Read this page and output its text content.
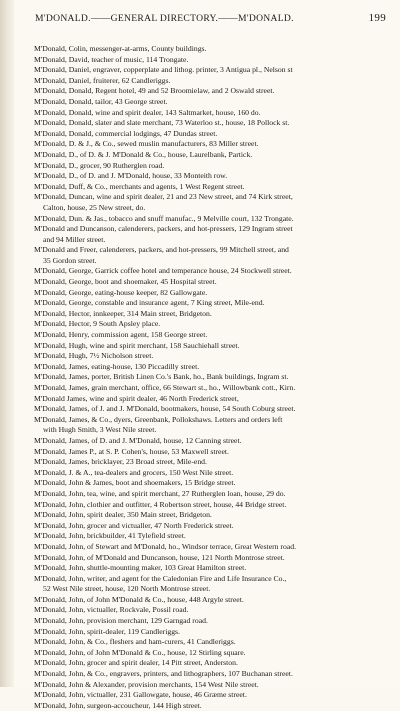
M'DONALD.——GENERAL DIRECTORY.——M'DONALD.	199
M'Donald, Colin, messenger-at-arms, County buildings.
M'Donald, David, teacher of music, 114 Trongate.
M'Donald, Daniel, engraver, copperplate and lithog. printer, 3 Antigua pl., Nelson st
M'Donald, Daniel, fruiterer, 62 Candleriggs.
M'Donald, Donald, Regent hotel, 49 and 52 Broomielaw, and 2 Oswald street.
M'Donald, Donald, tailor, 43 George street.
M'Donald, Donald, wine and spirit dealer, 143 Saltmarket, house, 160 do.
M'Donald, Donald, slater and slate merchant, 73 Waterloo st., house, 18 Pollock st.
M'Donald, Donald, commercial lodgings, 47 Dundas street.
M'Donald, D. & J., & Co., sewed muslin manufacturers, 83 Miller street.
M'Donald, D., of D. & J. M'Donald & Co., house, Laurelbank, Partick.
M'Donald, D., grocer, 90 Rutherglen road.
M'Donald, D., of D. and J. M'Donald, house, 33 Monteith row.
M'Donald, Duff, & Co., merchants and agents, 1 West Regent street.
M'Donald, Duncan, wine and spirit dealer, 21 and 23 New street, and 74 Kirk street,
Calton, house, 25 New street, do.
M'Donald, Dun. & Jas., tobacco and snuff manufac., 9 Melville court, 132 Trongate.
M'Donald and Duncanson, calenderers, packers, and hot-pressers, 129 Ingram street
and 94 Miller street.
M'Donald and Freer, calenderers, packers, and hot-pressers, 99 Mitchell street, and
35 Gordon street.
M'Donald, George, Garrick coffee hotel and temperance house, 24 Stockwell street.
M'Donald, George, boot and shoemaker, 45 Hospital street.
M'Donald, George, eating-house keeper, 82 Gallowgate.
M'Donald, George, constable and insurance agent, 7 King street, Mile-end.
M'Donald, Hector, innkeeper, 314 Main street, Bridgeton.
M'Donald, Hector, 9 South Apsley place.
M'Donald, Henry, commission agent, 158 George street.
M'Donald, Hugh, wine and spirit merchant, 158 Sauchiehall street.
M'Donald, Hugh, 7½ Nicholson street.
M'Donald, James, eating-house, 130 Piccadilly street.
M'Donald, James, porter, British Linen Co.'s Bank, ho., Bank buildings, Ingram st.
M'Donald, James, grain merchant, office, 66 Stewart st., ho., Willowbank cott., Kirn.
M'Donald James, wine and spirit dealer, 46 North Frederick street,
M'Donald, James, of J. and J. M'Donald, bootmakers, house, 54 South Coburg street.
M'Donald, James, & Co., dyers, Greenbank, Pollokshaws. Letters and orders left
with Hugh Smith, 3 West Nile street.
M'Donald, James, of D. and J. M'Donald, house, 12 Canning street.
M'Donald, James P., at S. P. Cohen's, house, 53 Maxwell street.
M'Donald, James, bricklayer, 23 Broad street, Mile-end.
M'Donald, J. & A., tea-dealers and grocers, 150 West Nile street.
M'Donald, John & James, boot and shoemakers, 15 Bridge street.
M'Donald, John, tea, wine, and spirit merchant, 27 Rutherglen loan, house, 29 do.
M'Donald, John, clothier and outfitter, 4 Robertson street, house, 44 Bridge street.
M'Donald, John, spirit dealer, 350 Main street, Bridgeton.
M'Donald, John, grocer and victualler, 47 North Frederick street.
M'Donald, John, brickbuilder, 41 Tylefield street.
M'Donald, John, of Stewart and M'Donald, ho., Windsor terrace, Great Western road.
M'Donald, John, of M'Donald and Duncanson, house, 121 North Montrose street.
M'Donald, John, shuttle-mounting maker, 103 Great Hamilton street.
M'Donald, John, writer, and agent for the Caledonian Fire and Life Insurance Co.,
52 West Nile street, house, 120 North Montrose street.
M'Donald, John, of John M'Donald & Co., house, 448 Argyle street.
M'Donald, John, victualler, Rockvale, Possil road.
M'Donald, John, provision merchant, 129 Garngad road.
M'Donald, John, spirit-dealer, 119 Candleriggs.
M'Donald, John, & Co., fleshers and ham-curers, 41 Candleriggs.
M'Donald, John, of John M'Donald & Co., house, 12 Stirling square.
M'Donald, John, grocer and spirit dealer, 14 Pitt street, Anderston.
M'Donald, John, & Co., engravers, printers, and lithographers, 107 Buchanan street.
M'Donald, John & Alexander, provision merchants, 154 West Nile street.
M'Donald, John, victualler, 231 Gallowgate, house, 46 Græme street.
M'Donald, John, surgeon-accoucheur, 144 High street.
